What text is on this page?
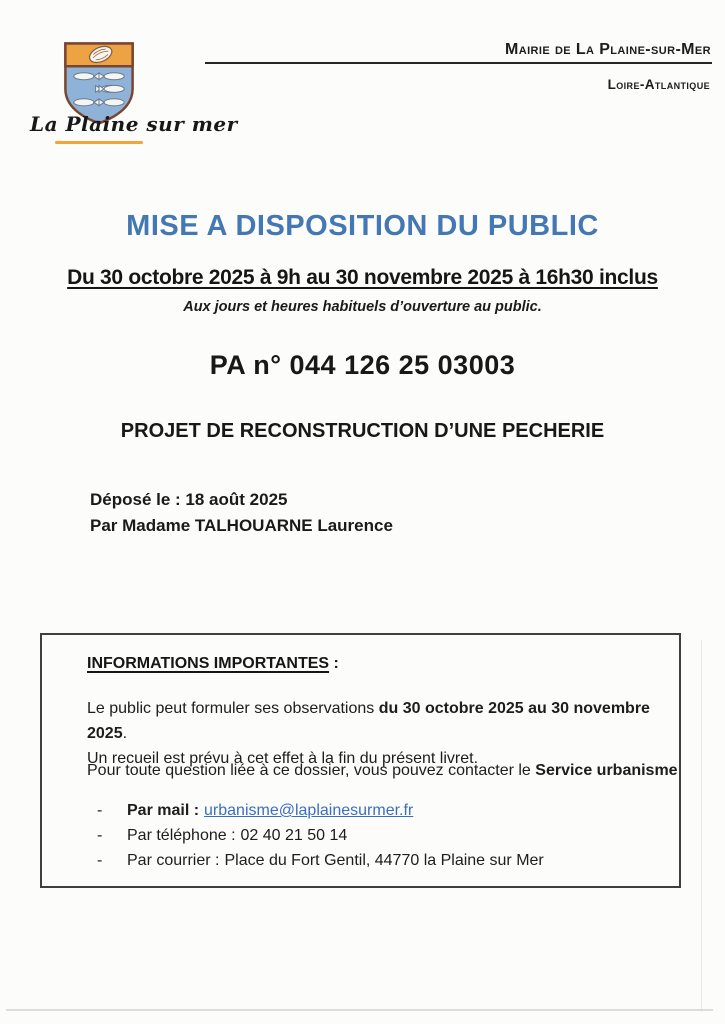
La Plaine sur mer
Mairie de La Plaine-sur-Mer
Loire-Atlantique
MISE A DISPOSITION DU PUBLIC
Du 30 octobre 2025 à 9h au 30 novembre 2025 à 16h30 inclus
Aux jours et heures habituels d’ouverture au public.
PA n° 044 126 25 03003
PROJET DE RECONSTRUCTION D’UNE PECHERIE
Déposé le : 18 août 2025
Par Madame TALHOUARNE Laurence
INFORMATIONS IMPORTANTES :
Le public peut formuler ses observations du 30 octobre 2025 au 30 novembre 2025.
Un recueil est prévu à cet effet à la fin du présent livret.
Pour toute question liée à ce dossier, vous pouvez contacter le Service urbanisme
-	Par mail : urbanisme@laplainesurmer.fr
-	Par téléphone : 02 40 21 50 14
-	Par courrier : Place du Fort Gentil, 44770 la Plaine sur Mer
